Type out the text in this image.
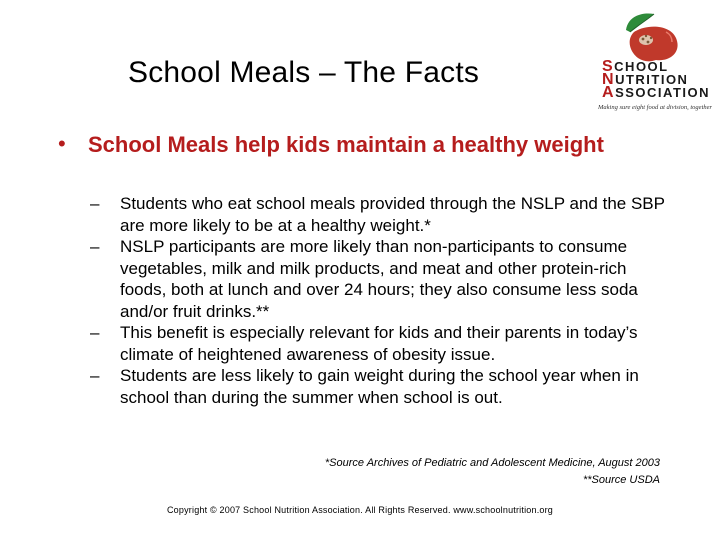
School Meals – The Facts	SCHOOL
NUTRITION
ASSOCIATION
Making sure eight food at division, together
• School Meals help kids maintain a healthy weight
– Students who eat school meals provided through the NSLP and the SBP are more likely to be at a healthy weight.*
– NSLP participants are more likely than non-participants to consume vegetables, milk and milk products, and meat and other protein-rich foods, both at lunch and over 24 hours; they also consume less soda and/or fruit drinks.**
– This benefit is especially relevant for kids and their parents in today’s climate of heightened awareness of obesity issue.
– Students are less likely to gain weight during the school year when in school than during the summer when school is out.
*Source Archives of Pediatric and Adolescent Medicine, August 2003
**Source USDA
Copyright © 2007 School Nutrition Association. All Rights Reserved. www.schoolnutrition.org
